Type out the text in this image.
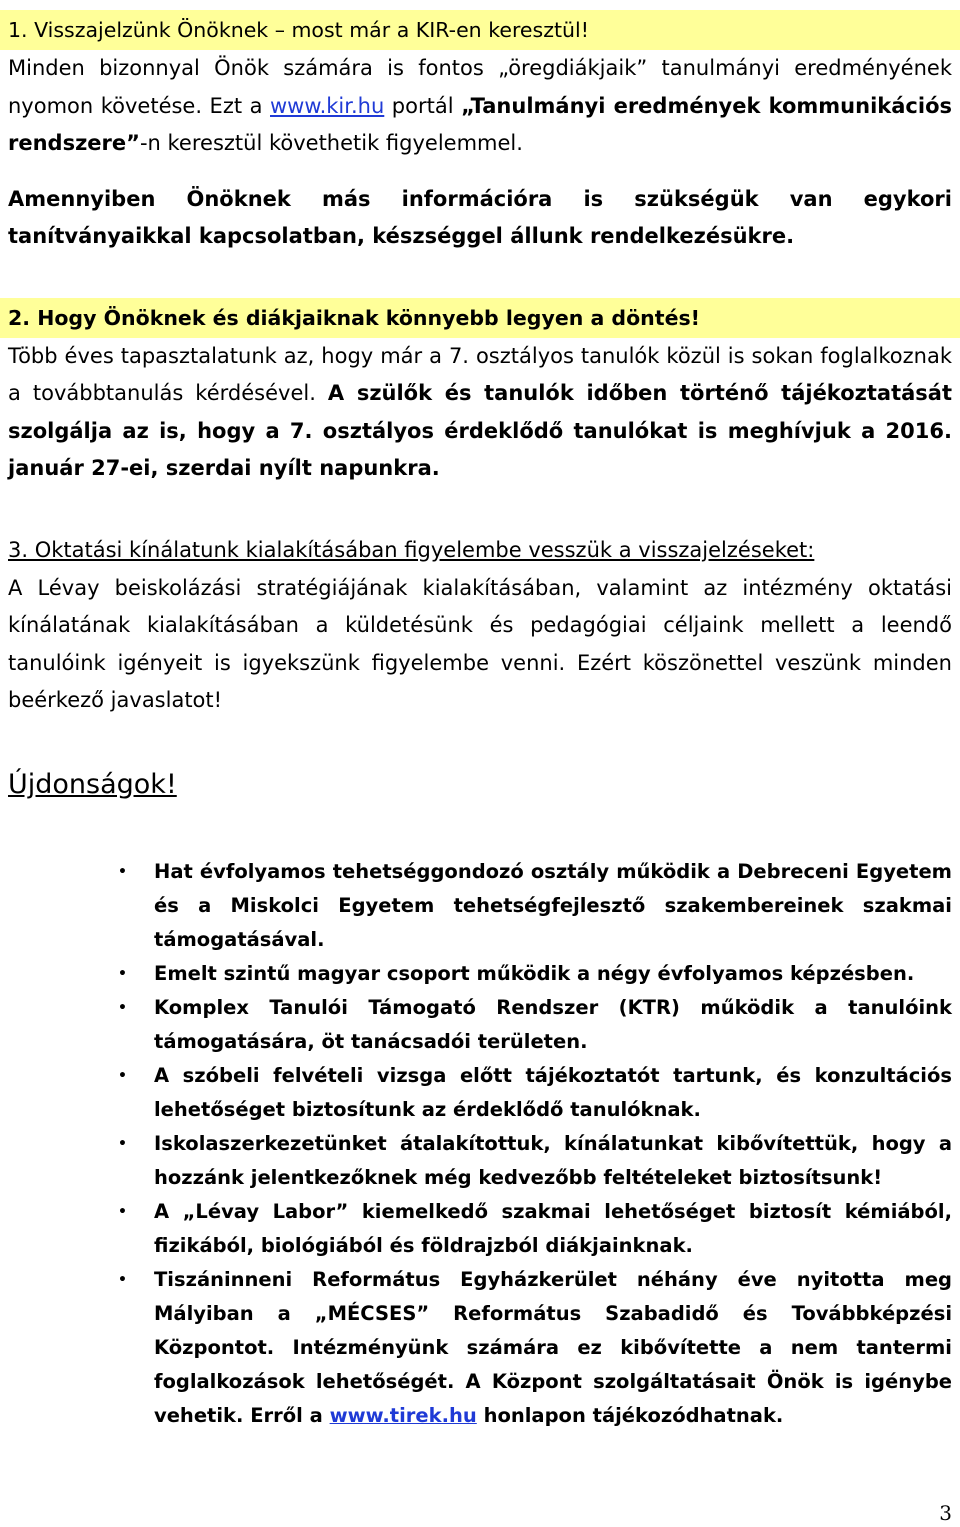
1. Visszajelzünk Önöknek – most már a KIR-en keresztül!

Minden bizonnyal Önök számára is fontos „öregdiákjaik” tanulmányi eredményének nyomon követése. Ezt a www.kir.hu portál „Tanulmányi eredmények kommunikációs rendszere”-n keresztül követhetik figyelemmel.

Amennyiben Önöknek más információra is szükségük van egykori tanítványaikkal kapcsolatban, készséggel állunk rendelkezésükre.

2. Hogy Önöknek és diákjaiknak könnyebb legyen a döntés!

Több éves tapasztalatunk az, hogy már a 7. osztályos tanulók közül is sokan foglalkoznak a továbbtanulás kérdésével. A szülők és tanulók időben történő tájékoztatását szolgálja az is, hogy a 7. osztályos érdeklődő tanulókat is meghívjuk a 2016. január 27-ei, szerdai nyílt napunkra.

3. Oktatási kínálatunk kialakításában figyelembe vesszük a visszajelzéseket:

A Lévay beiskolázási stratégiájának kialakításában, valamint az intézmény oktatási kínálatának kialakításában a küldetésünk és pedagógiai céljaink mellett a leendő tanulóink igényeit is igyekszünk figyelembe venni. Ezért köszönettel veszünk minden beérkező javaslatot!

Újdonságok!
• Hat évfolyamos tehetséggondozó osztály működik a Debreceni Egyetem és a Miskolci Egyetem tehetségfejlesztő szakembereinek szakmai támogatásával.
• Emelt szintű magyar csoport működik a négy évfolyamos képzésben.
• Komplex Tanulói Támogató Rendszer (KTR) működik a tanulóink támogatására, öt tanácsadói területen.
• A szóbeli felvételi vizsga előtt tájékoztatót tartunk, és konzultációs lehetőséget biztosítunk az érdeklődő tanulóknak.
• Iskolaszerkezetünket átalakítottuk, kínálatunkat kibővítettük, hogy a hozzánk jelentkezőknek még kedvezőbb feltételeket biztosítsunk!
• A „Lévay Labor” kiemelkedő szakmai lehetőséget biztosít kémiából, fizikából, biológiából és földrajzból diákjainknak.
• Tiszáninneni Református Egyházkerület néhány éve nyitotta meg Mályiban a „MÉCSES” Református Szabadidő és Továbbképzési Központot. Intézményünk számára ez kibővítette a nem tantermi foglalkozások lehetőségét. A Központ szolgáltatásait Önök is igénybe vehetik. Erről a www.tirek.hu honlapon tájékozódhatnak.
3
